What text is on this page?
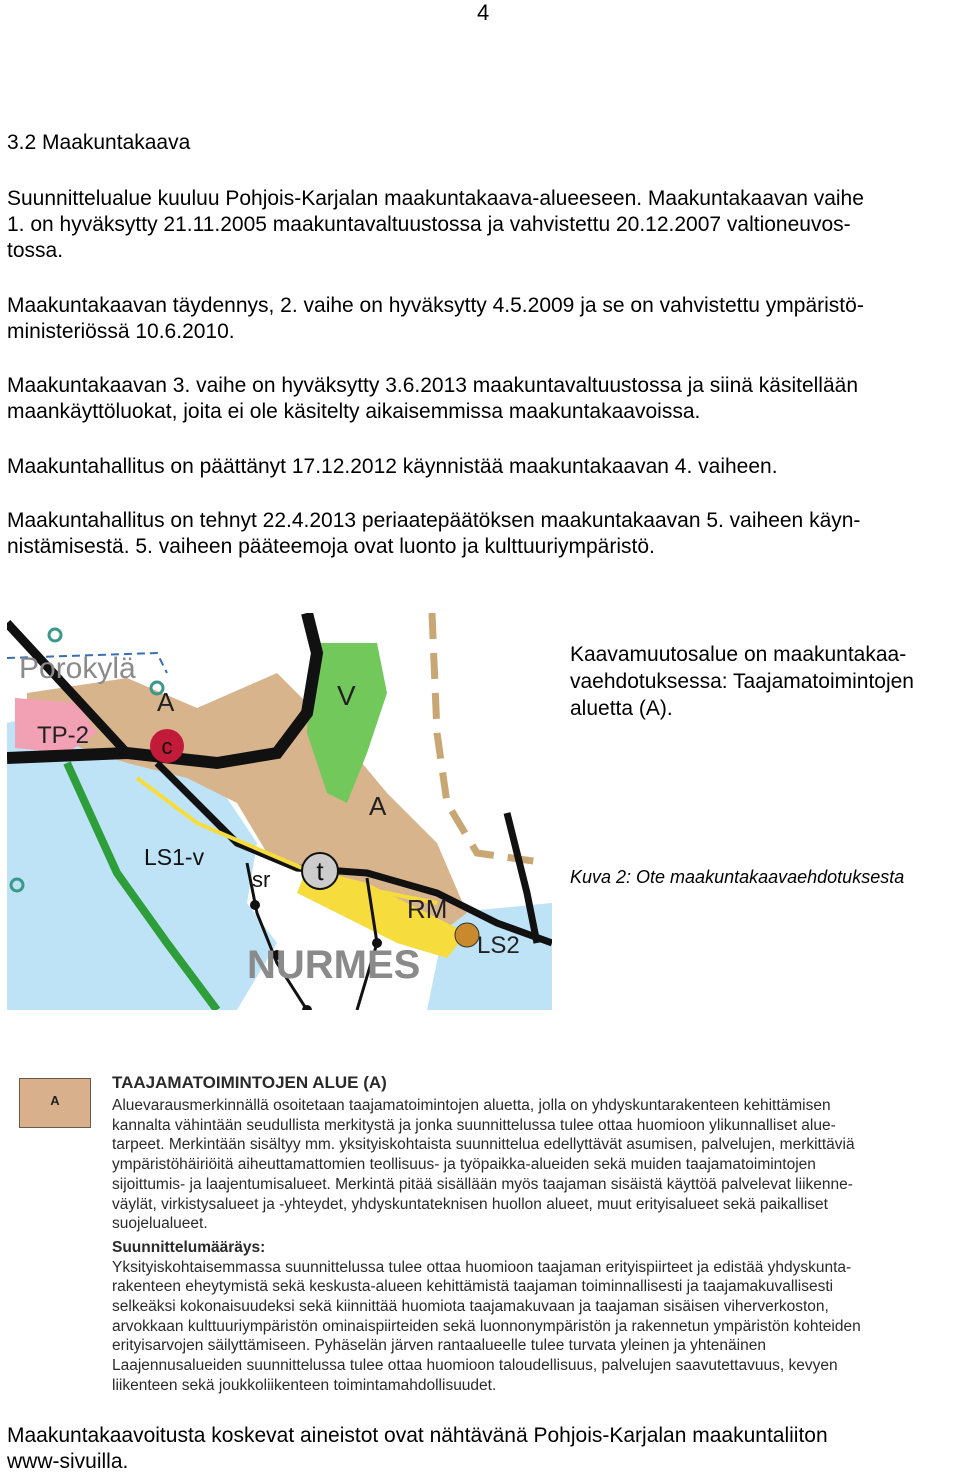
4
3.2 Maakuntakaava
Suunnittelualue kuuluu Pohjois-Karjalan maakuntakaava-alueeseen. Maakuntakaavan vaihe
1. on hyväksytty 21.11.2005 maakuntavaltuustossa ja vahvistettu 20.12.2007 valtioneuvos-
tossa.
Maakuntakaavan täydennys, 2. vaihe on hyväksytty 4.5.2009 ja se on vahvistettu ympäristö-
ministeriössä 10.6.2010.
Maakuntakaavan 3. vaihe on hyväksytty 3.6.2013 maakuntavaltuustossa ja siinä käsitellään
maankäyttöluokat, joita ei ole käsitelty aikaisemmissa maakuntakaavoissa.
Maakuntahallitus on päättänyt 17.12.2012 käynnistää maakuntakaavan 4. vaiheen.
Maakuntahallitus on tehnyt 22.4.2013 periaatepäätöksen maakuntakaavan 5. vaiheen käyn-
nistämisestä. 5. vaiheen pääteemoja ovat luonto ja kulttuuriympäristö.
c
t
Porokylä
A
TP-2
V
A
LS1-v
sr
RM
LS2
NURMES
Kaavamuutosalue on maakuntakaa-
vaehdotuksessa: Taajamatoimintojen
aluetta (A).
Kuva 2: Ote maakuntakaavaehdotuksesta
A
TAAJAMATOIMINTOJEN ALUE (A)
Aluevarausmerkinnällä osoitetaan taajamatoimintojen aluetta, jolla on yhdyskuntarakenteen kehittämisen
kannalta vähintään seudullista merkitystä ja jonka suunnittelussa tulee ottaa huomioon ylikunnalliset alue-
tarpeet. Merkintään sisältyy mm. yksityiskohtaista suunnittelua edellyttävät asumisen, palvelujen, merkittäviä
ympäristöhäiriöitä aiheuttamattomien teollisuus- ja työpaikka-alueiden sekä muiden taajamatoimintojen
sijoittumis- ja laajentumisalueet. Merkintä pitää sisällään myös taajaman sisäistä käyttöä palvelevat liikenne-
väylät, virkistysalueet ja -yhteydet, yhdyskuntateknisen huollon alueet, muut erityisalueet sekä paikalliset
suojelualueet.
Suunnittelumääräys:
Yksityiskohtaisemmassa suunnittelussa tulee ottaa huomioon taajaman erityispiirteet ja edistää yhdyskunta-
rakenteen eheytymistä sekä keskusta-alueen kehittämistä taajaman toiminnallisesti ja taajamakuvallisesti
selkeäksi kokonaisuudeksi sekä kiinnittää huomiota taajamakuvaan ja taajaman sisäisen viherverkoston,
arvokkaan kulttuuriympäristön ominaispiirteiden sekä luonnonympäristön ja rakennetun ympäristön kohteiden
erityisarvojen säilyttämiseen. Pyhäselän järven rantaalueelle tulee turvata yleinen ja yhtenäinen
Laajennusalueiden suunnittelussa tulee ottaa huomioon taloudellisuus, palvelujen saavutettavuus, kevyen
liikenteen sekä joukkoliikenteen toimintamahdollisuudet.
Maakuntakaavoitusta koskevat aineistot ovat nähtävänä Pohjois-Karjalan maakuntaliiton
www-sivuilla.
